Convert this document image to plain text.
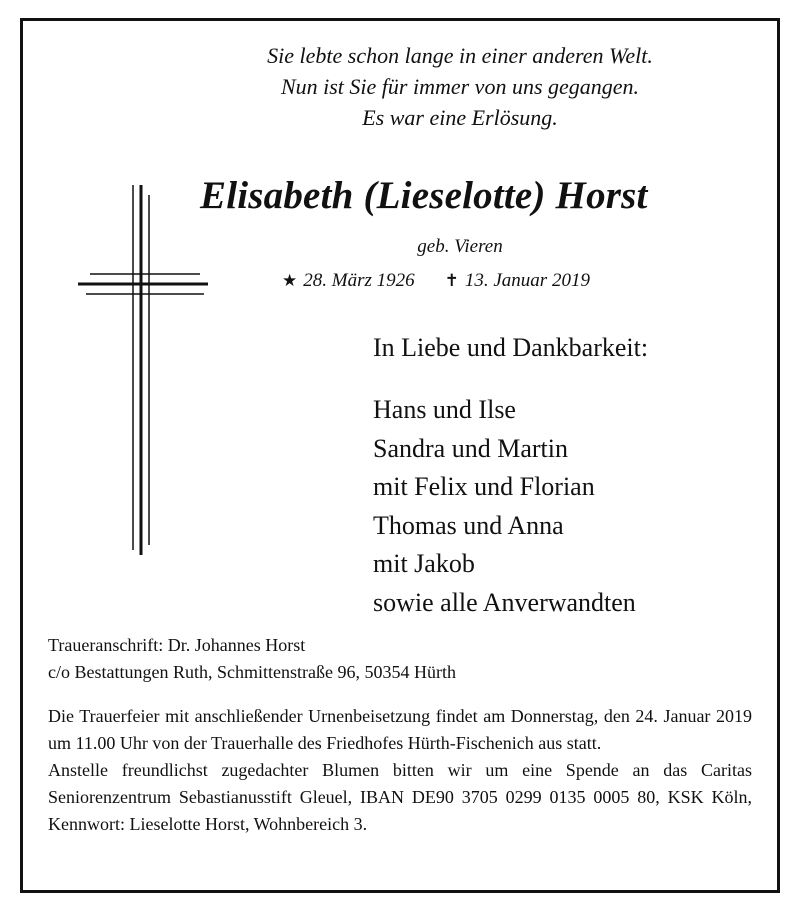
Sie lebte schon lange in einer anderen Welt.
Nun ist Sie für immer von uns gegangen.
Es war eine Erlösung.
Elisabeth (Lieselotte) Horst
geb. Vieren
★ 28. März 1926 ✝ 13. Januar 2019
In Liebe und Dankbarkeit:
Hans und Ilse
Sandra und Martin
mit Felix und Florian
Thomas und Anna
mit Jakob
sowie alle Anverwandten
Traueranschrift: Dr. Johannes Horst
c/o Bestattungen Ruth, Schmittenstraße 96, 50354 Hürth

Die Trauerfeier mit anschließender Urnenbeisetzung findet am Donnerstag, den 24. Januar 2019 um 11.00 Uhr von der Trauerhalle des Friedhofes Hürth-Fischenich aus statt.

Anstelle freundlichst zugedachter Blumen bitten wir um eine Spende an das Caritas Seniorenzentrum Sebastianusstift Gleuel, IBAN DE90 3705 0299 0135 0005 80, KSK Köln, Kennwort: Lieselotte Horst, Wohnbereich 3.
